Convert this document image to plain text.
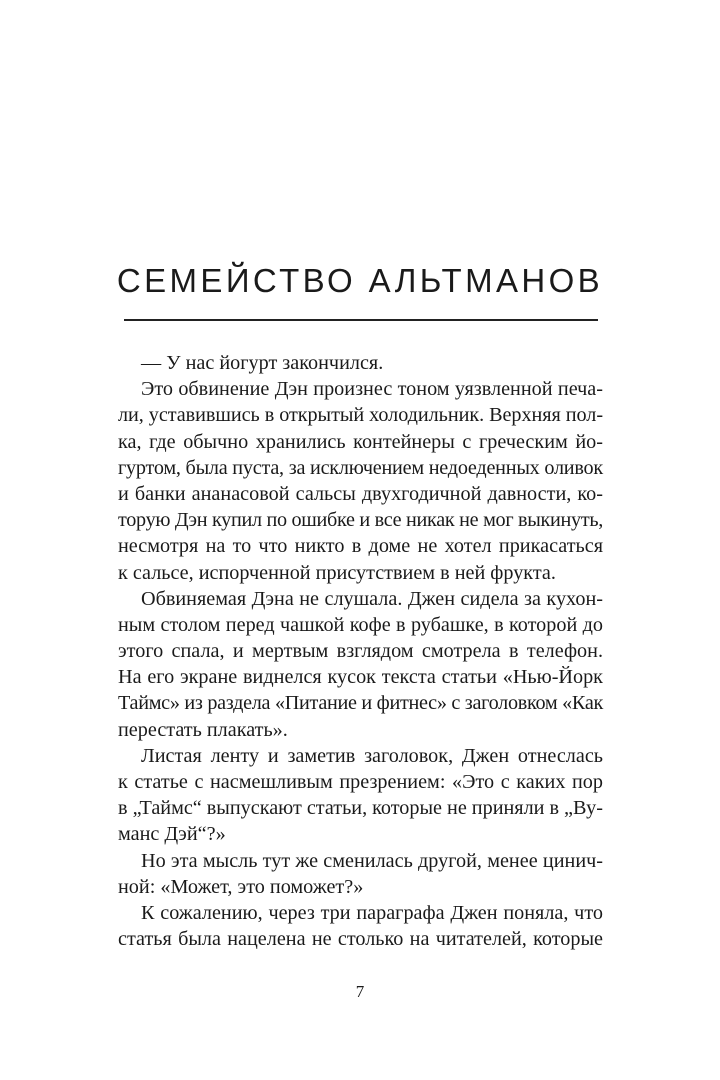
СЕМЕЙСТВО АЛЬТМАНОВ
— У нас йогурт закончился.
Это обвинение Дэн произнес тоном уязвленной печа-
ли, уставившись в открытый холодильник. Верхняя пол-
ка, где обычно хранились контейнеры с греческим йо-
гуртом, была пуста, за исключением недоеденных оливок
и банки ананасовой сальсы двухгодичной давности, ко-
торую Дэн купил по ошибке и все никак не мог выкинуть,
несмотря на то что никто в доме не хотел прикасаться
к сальсе, испорченной присутствием в ней фрукта.
Обвиняемая Дэна не слушала. Джен сидела за кухон-
ным столом перед чашкой кофе в рубашке, в которой до
этого спала, и мертвым взглядом смотрела в телефон.
На его экране виднелся кусок текста статьи «Нью-Йорк
Таймс» из раздела «Питание и фитнес» с заголовком «Как
перестать плакать».
Листая ленту и заметив заголовок, Джен отнеслась
к статье с насмешливым презрением: «Это с каких пор
в „Таймс“ выпускают статьи, которые не приняли в „Ву-
манс Дэй“?»
Но эта мысль тут же сменилась другой, менее цинич-
ной: «Может, это поможет?»
К сожалению, через три параграфа Джен поняла, что
статья была нацелена не столько на читателей, которые
7
